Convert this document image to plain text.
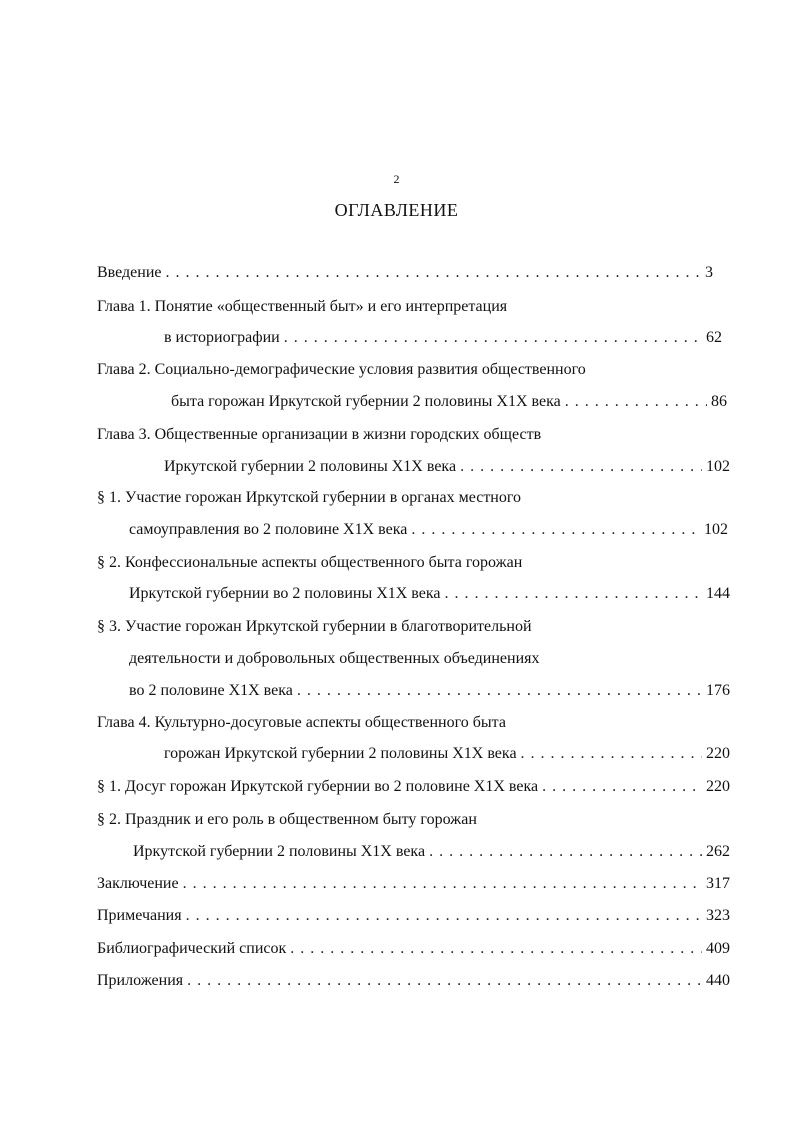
2
ОГЛАВЛЕНИЕ
Введение . . .	3
Глава 1. Понятие «общественный быт» и его интерпретация
в историографии . . .	62
Глава 2. Социально-демографические условия развития общественного
быта горожан Иркутской губернии 2 половины Х1Х века . . .	86
Глава 3. Общественные организации в жизни городских обществ
Иркутской губернии 2 половины Х1Х века . . .	102
§ 1. Участие горожан Иркутской губернии в органах местного
самоуправления во 2 половине Х1Х века . . .	102
§ 2. Конфессиональные аспекты общественного быта горожан
Иркутской губернии во 2 половины Х1Х века . . .	144
§ 3. Участие горожан Иркутской губернии в благотворительной
деятельности и добровольных общественных объединениях
во 2 половине Х1Х века . . .	176
Глава 4. Культурно-досуговые аспекты общественного быта
горожан Иркутской губернии 2 половины Х1Х века . . .	220
§ 1. Досуг горожан Иркутской губернии во 2 половине Х1Х века . . .	220
§ 2. Праздник и его роль в общественном быту горожан
Иркутской губернии 2 половины Х1Х века . . .	262
Заключение . . .	317
Примечания . . .	323
Библиографический список . . .	409
Приложения . . .	440
